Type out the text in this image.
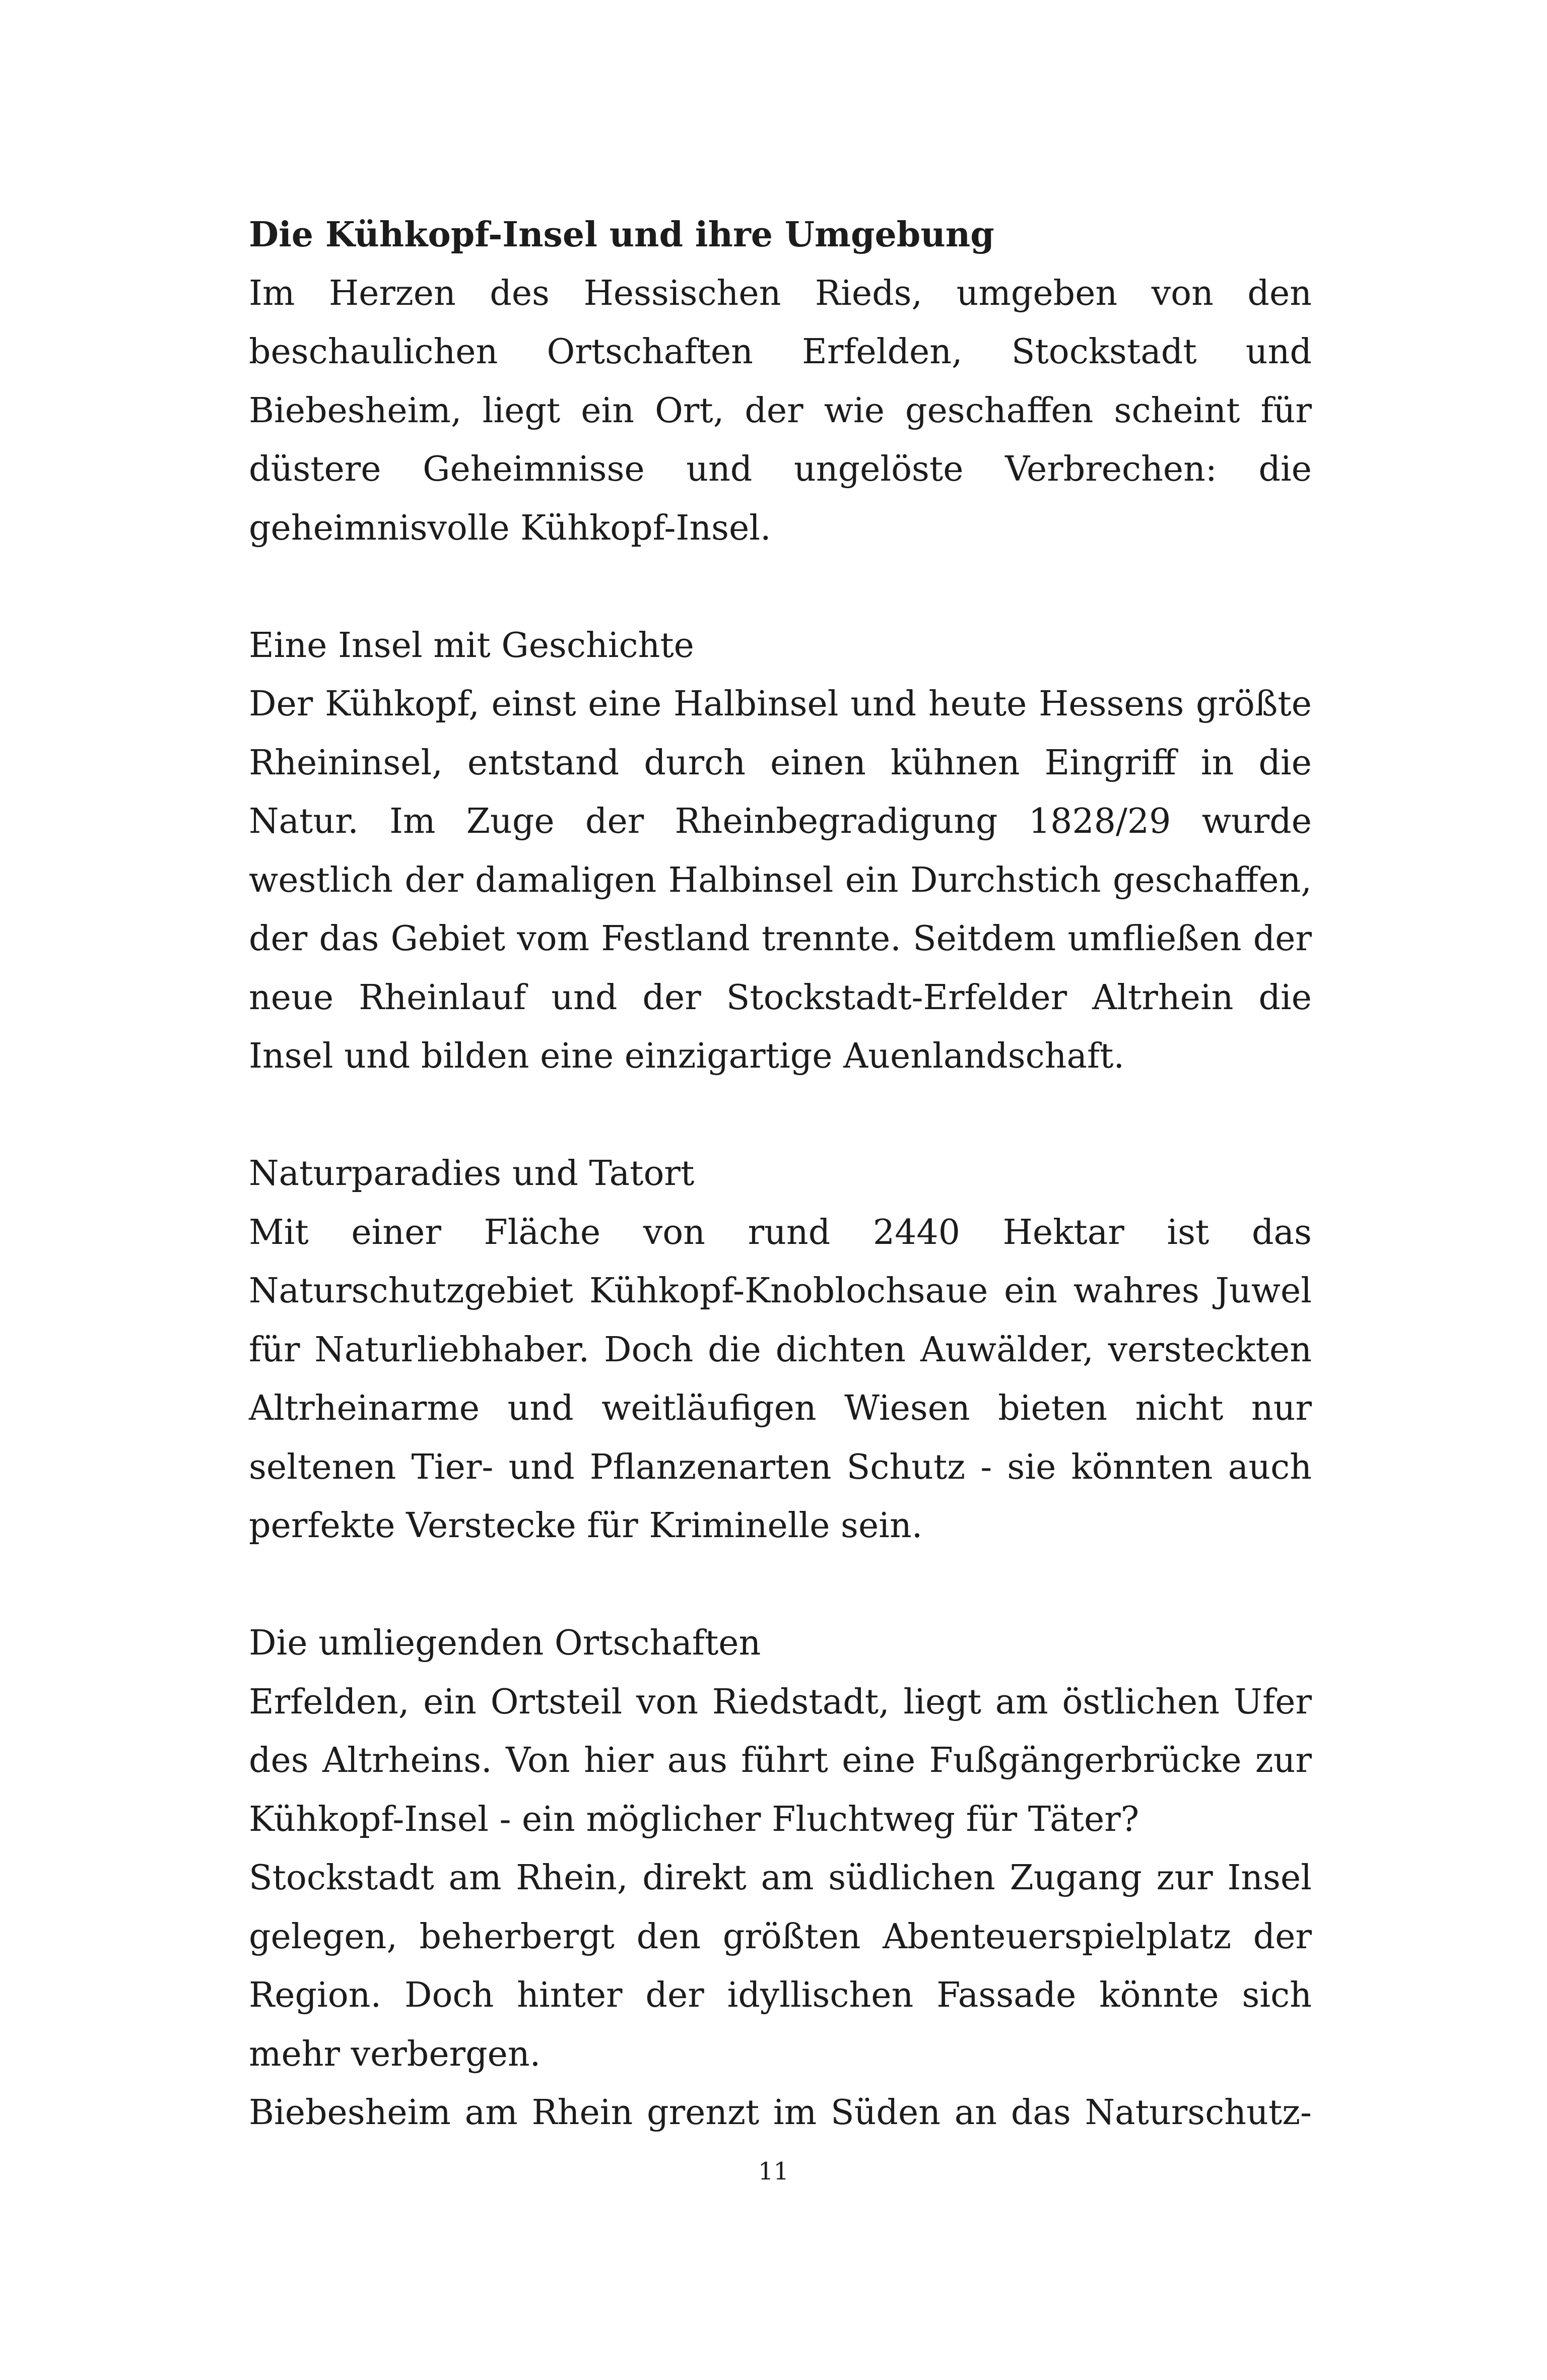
Die Kühkopf-Insel und ihre Umgebung

Im Herzen des Hessischen Rieds, umgeben von den beschaulichen Ortschaften Erfelden, Stockstadt und Biebesheim, liegt ein Ort, der wie geschaffen scheint für düstere Geheimnisse und ungelöste Verbrechen: die geheimnisvolle Kühkopf-Insel.

Eine Insel mit Geschichte

Der Kühkopf, einst eine Halbinsel und heute Hessens größte Rheininsel, entstand durch einen kühnen Eingriff in die Natur. Im Zuge der Rheinbegradigung 1828/29 wurde westlich der damaligen Halbinsel ein Durchstich geschaffen, der das Gebiet vom Festland trennte. Seitdem umfließen der neue Rheinlauf und der Stockstadt-Erfelder Altrhein die Insel und bilden eine einzigartige Auenlandschaft.

Naturparadies und Tatort

Mit einer Fläche von rund 2440 Hektar ist das Naturschutzgebiet Kühkopf-Knoblochsaue ein wahres Juwel für Naturliebhaber. Doch die dichten Auwälder, versteckten Altrheinarme und weitläufigen Wiesen bieten nicht nur seltenen Tier- und Pflanzenarten Schutz - sie könnten auch perfekte Verstecke für Kriminelle sein.

Die umliegenden Ortschaften

Erfelden, ein Ortsteil von Riedstadt, liegt am östlichen Ufer des Altrheins. Von hier aus führt eine Fußgängerbrücke zur Kühkopf-Insel - ein möglicher Fluchtweg für Täter?

Stockstadt am Rhein, direkt am südlichen Zugang zur Insel gelegen, beherbergt den größten Abenteuerspielplatz der Region. Doch hinter der idyllischen Fassade könnte sich mehr verbergen.

Biebesheim am Rhein grenzt im Süden an das Naturschutz-

11
